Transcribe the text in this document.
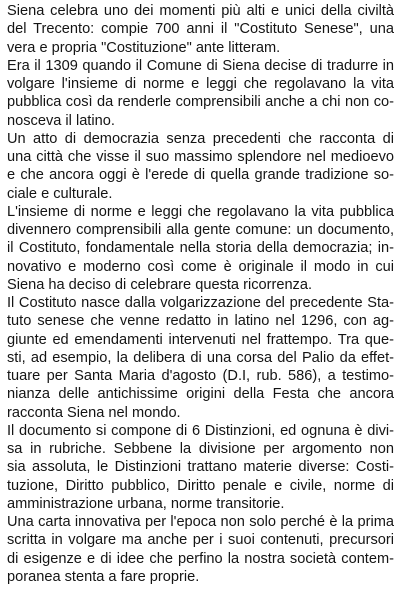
Siena celebra uno dei momenti più alti e unici della civiltà
del Trecento: compie 700 anni il "Costituto Senese", una
vera e propria "Costituzione" ante litteram.
Era il 1309 quando il Comune di Siena decise di tradurre in
volgare l'insieme di norme e leggi che regolavano la vita
pubblica così da renderle comprensibili anche a chi non co-
nosceva il latino.
Un atto di democrazia senza precedenti che racconta di
una città che visse il suo massimo splendore nel medioevo
e che ancora oggi è l'erede di quella grande tradizione so-
ciale e culturale.
L'insieme di norme e leggi che regolavano la vita pubblica
divennero comprensibili alla gente comune: un documento,
il Costituto, fondamentale nella storia della democrazia; in-
novativo e moderno così come è originale il modo in cui
Siena ha deciso di celebrare questa ricorrenza.
Il Costituto nasce dalla volgarizzazione del precedente Sta-
tuto senese che venne redatto in latino nel 1296, con ag-
giunte ed emendamenti intervenuti nel frattempo. Tra que-
sti, ad esempio, la delibera di una corsa del Palio da effet-
tuare per Santa Maria d'agosto (D.I, rub. 586), a testimo-
nianza delle antichissime origini della Festa che ancora
racconta Siena nel mondo.
Il documento si compone di 6 Distinzioni, ed ognuna è divi-
sa in rubriche. Sebbene la divisione per argomento non
sia assoluta, le Distinzioni trattano materie diverse: Costi-
tuzione, Diritto pubblico, Diritto penale e civile, norme di
amministrazione urbana, norme transitorie.
Una carta innovativa per l'epoca non solo perché è la prima
scritta in volgare ma anche per i suoi contenuti, precursori
di esigenze e di idee che perfino la nostra società contem-
poranea stenta a fare proprie.
